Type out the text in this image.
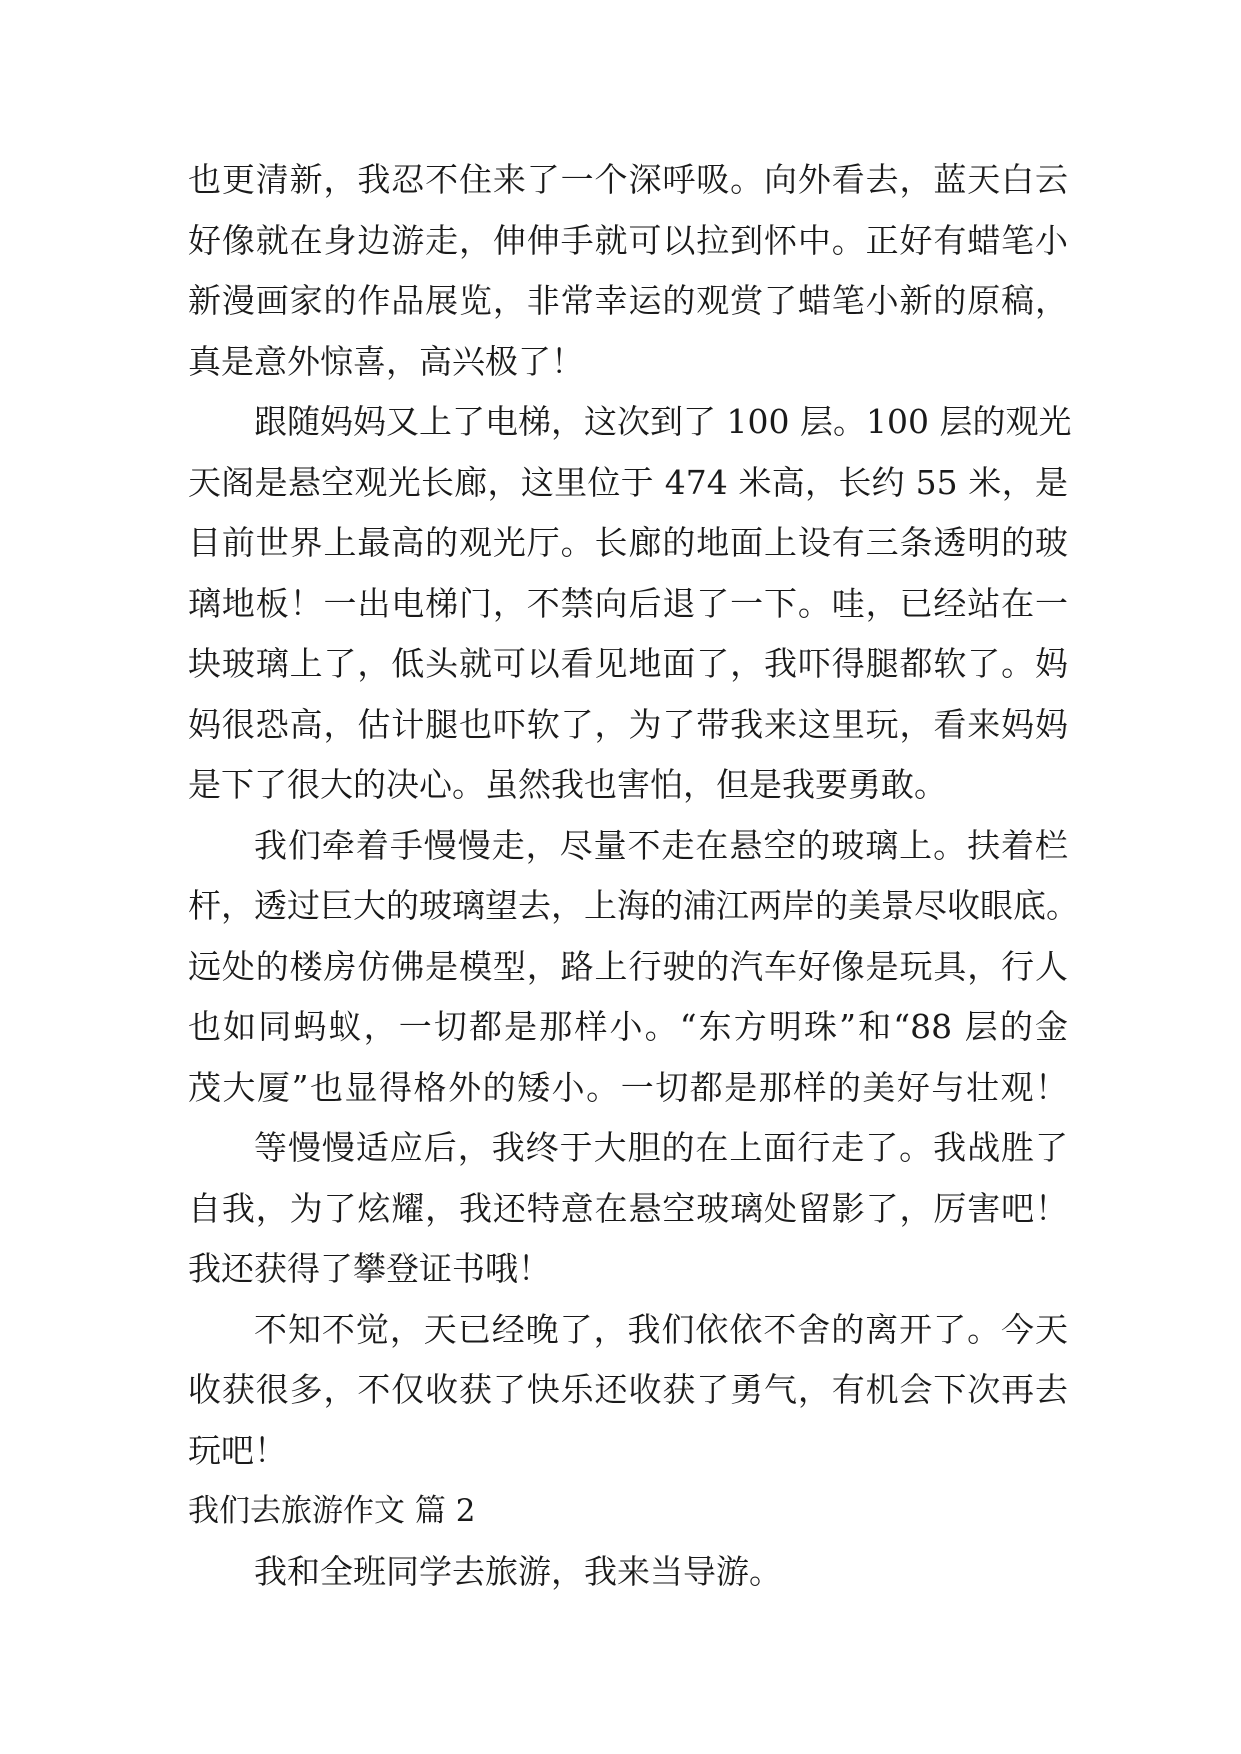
也更清新，我忍不住来了一个深呼吸。向外看去，蓝天白云
好像就在身边游走，伸伸手就可以拉到怀中。正好有蜡笔小
新漫画家的作品展览，非常幸运的观赏了蜡笔小新的原稿，
真是意外惊喜，高兴极了！
跟随妈妈又上了电梯，这次到了 100 层。100 层的观光
天阁是悬空观光长廊，这里位于 474 米高，长约 55 米，是
目前世界上最高的观光厅。长廊的地面上设有三条透明的玻
璃地板！一出电梯门，不禁向后退了一下。哇，已经站在一
块玻璃上了，低头就可以看见地面了，我吓得腿都软了。妈
妈很恐高，估计腿也吓软了，为了带我来这里玩，看来妈妈
是下了很大的决心。虽然我也害怕，但是我要勇敢。
我们牵着手慢慢走，尽量不走在悬空的玻璃上。扶着栏
杆，透过巨大的玻璃望去，上海的浦江两岸的美景尽收眼底。
远处的楼房仿佛是模型，路上行驶的汽车好像是玩具，行人
也如同蚂蚁，一切都是那样小。“东方明珠”和“88 层的金
茂大厦”也显得格外的矮小。一切都是那样的美好与壮观！
等慢慢适应后，我终于大胆的在上面行走了。我战胜了
自我，为了炫耀，我还特意在悬空玻璃处留影了，厉害吧！
我还获得了攀登证书哦！
不知不觉，天已经晚了，我们依依不舍的离开了。今天
收获很多，不仅收获了快乐还收获了勇气，有机会下次再去
玩吧！
我们去旅游作文 篇 2
我和全班同学去旅游，我来当导游。
